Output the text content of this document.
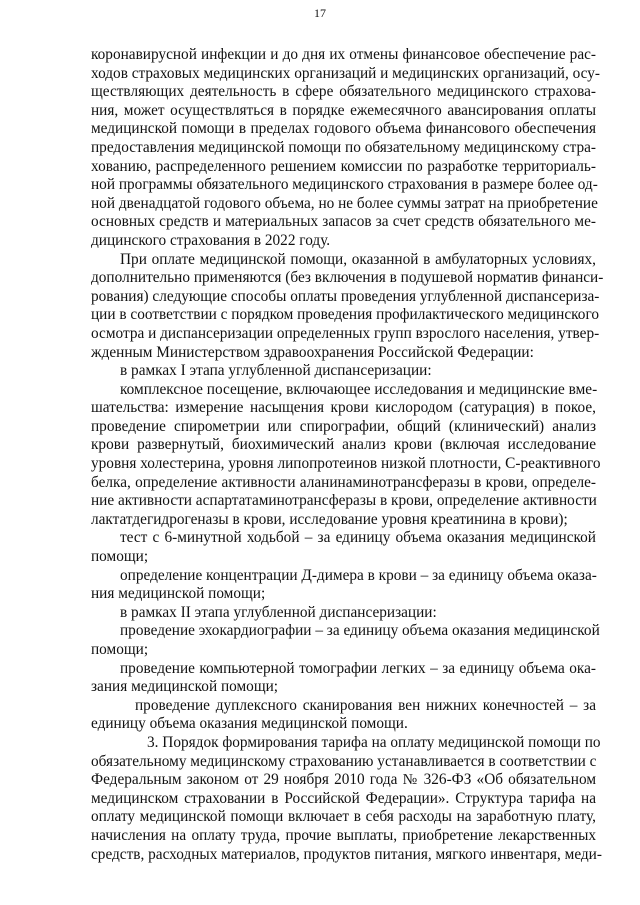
17
коронавирусной инфекции и до дня их отмены финансовое обеспечение рас-
ходов страховых медицинских организаций и медицинских организаций, осу-
ществляющих деятельность в сфере обязательного медицинского страхова-
ния, может осуществляться в порядке ежемесячного авансирования оплаты
медицинской помощи в пределах годового объема финансового обеспечения
предоставления медицинской помощи по обязательному медицинскому стра-
хованию, распределенного решением комиссии по разработке территориаль-
ной программы обязательного медицинского страхования в размере более од-
ной двенадцатой годового объема, но не более суммы затрат на приобретение
основных средств и материальных запасов за счет средств обязательного ме-
дицинского страхования в 2022 году.
При оплате медицинской помощи, оказанной в амбулаторных условиях,
дополнительно применяются (без включения в подушевой норматив финанси-
рования) следующие способы оплаты проведения углубленной диспансериза-
ции в соответствии с порядком проведения профилактического медицинского
осмотра и диспансеризации определенных групп взрослого населения, утвер-
жденным Министерством здравоохранения Российской Федерации:
в рамках I этапа углубленной диспансеризации:
комплексное посещение, включающее исследования и медицинские вме-
шательства: измерение насыщения крови кислородом (сатурация) в покое,
проведение спирометрии или спирографии, общий (клинический) анализ
крови развернутый, биохимический анализ крови (включая исследование
уровня холестерина, уровня липопротеинов низкой плотности, С-реактивного
белка, определение активности аланинаминотрансферазы в крови, определе-
ние активности аспартатаминотрансферазы в крови, определение активности
лактатдегидрогеназы в крови, исследование уровня креатинина в крови);
тест с 6-минутной ходьбой – за единицу объема оказания медицинской
помощи;
определение концентрации Д-димера в крови – за единицу объема оказа-
ния медицинской помощи;
в рамках II этапа углубленной диспансеризации:
проведение эхокардиографии – за единицу объема оказания медицинской
помощи;
проведение компьютерной томографии легких – за единицу объема ока-
зания медицинской помощи;
проведение дуплексного сканирования вен нижних конечностей – за
единицу объема оказания медицинской помощи.
3. Порядок формирования тарифа на оплату медицинской помощи по
обязательному медицинскому страхованию устанавливается в соответствии с
Федеральным законом от 29 ноября 2010 года № 326-ФЗ «Об обязательном
медицинском страховании в Российской Федерации». Структура тарифа на
оплату медицинской помощи включает в себя расходы на заработную плату,
начисления на оплату труда, прочие выплаты, приобретение лекарственных
средств, расходных материалов, продуктов питания, мягкого инвентаря, меди-
